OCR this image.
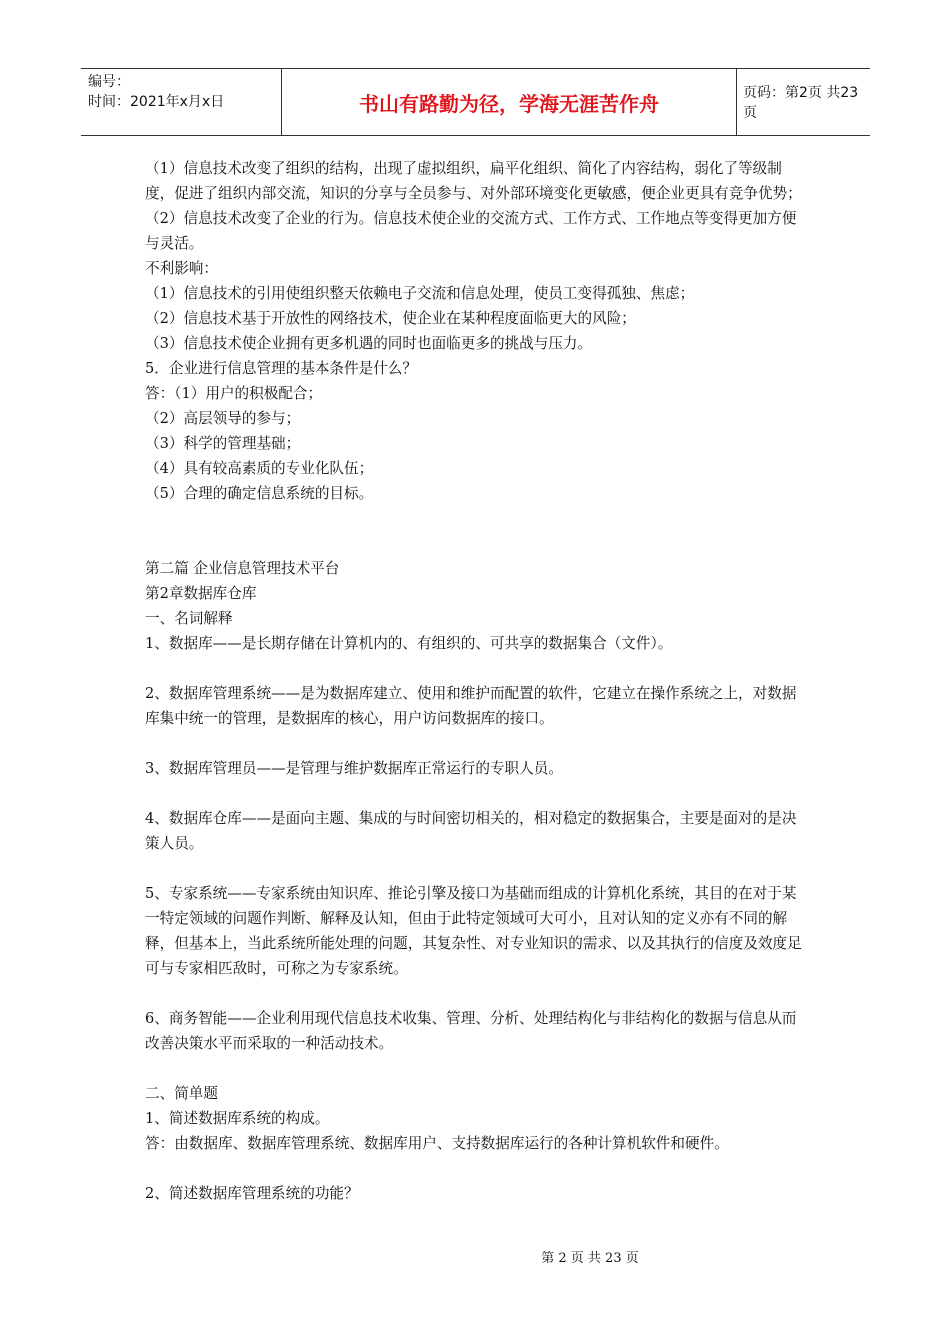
编号：
时间：2021年x月x日	书山有路勤为径，学海无涯苦作舟	页码：第2页 共23页

（1）信息技术改变了组织的结构，出现了虚拟组织，扁平化组织、简化了内容结构，弱化了等级制度，促进了组织内部交流，知识的分享与全员参与、对外部环境变化更敏感，便企业更具有竞争优势；

（2）信息技术改变了企业的行为。信息技术使企业的交流方式、工作方式、工作地点等变得更加方便与灵活。

不利影响：

（1）信息技术的引用使组织整天依赖电子交流和信息处理，使员工变得孤独、焦虑；

（2）信息技术基于开放性的网络技术，使企业在某种程度面临更大的风险；

（3）信息技术使企业拥有更多机遇的同时也面临更多的挑战与压力。

5．企业进行信息管理的基本条件是什么？

答：（1）用户的积极配合；

（2）高层领导的参与；

（3）科学的管理基础；

（4）具有较高素质的专业化队伍；

（5）合理的确定信息系统的目标。

第二篇 企业信息管理技术平台

第2章数据库仓库

一、名词解释

1、数据库——是长期存储在计算机内的、有组织的、可共享的数据集合（文件）。

2、数据库管理系统——是为数据库建立、使用和维护而配置的软件，它建立在操作系统之上，对数据库集中统一的管理，是数据库的核心，用户访问数据库的接口。

3、数据库管理员——是管理与维护数据库正常运行的专职人员。

4、数据库仓库——是面向主题、集成的与时间密切相关的，相对稳定的数据集合，主要是面对的是决策人员。

5、专家系统——专家系统由知识库、推论引擎及接口为基础而组成的计算机化系统，其目的在对于某一特定领域的问题作判断、解释及认知，但由于此特定领域可大可小，且对认知的定义亦有不同的解释，但基本上，当此系统所能处理的问题，其复杂性、对专业知识的需求、以及其执行的信度及效度足可与专家相匹敌时，可称之为专家系统。

6、商务智能——企业利用现代信息技术收集、管理、分析、处理结构化与非结构化的数据与信息从而改善决策水平而采取的一种活动技术。

二、简单题

1、简述数据库系统的构成。

答：由数据库、数据库管理系统、数据库用户、支持数据库运行的各种计算机软件和硬件。

2、简述数据库管理系统的功能？

第 2 页 共 23 页
